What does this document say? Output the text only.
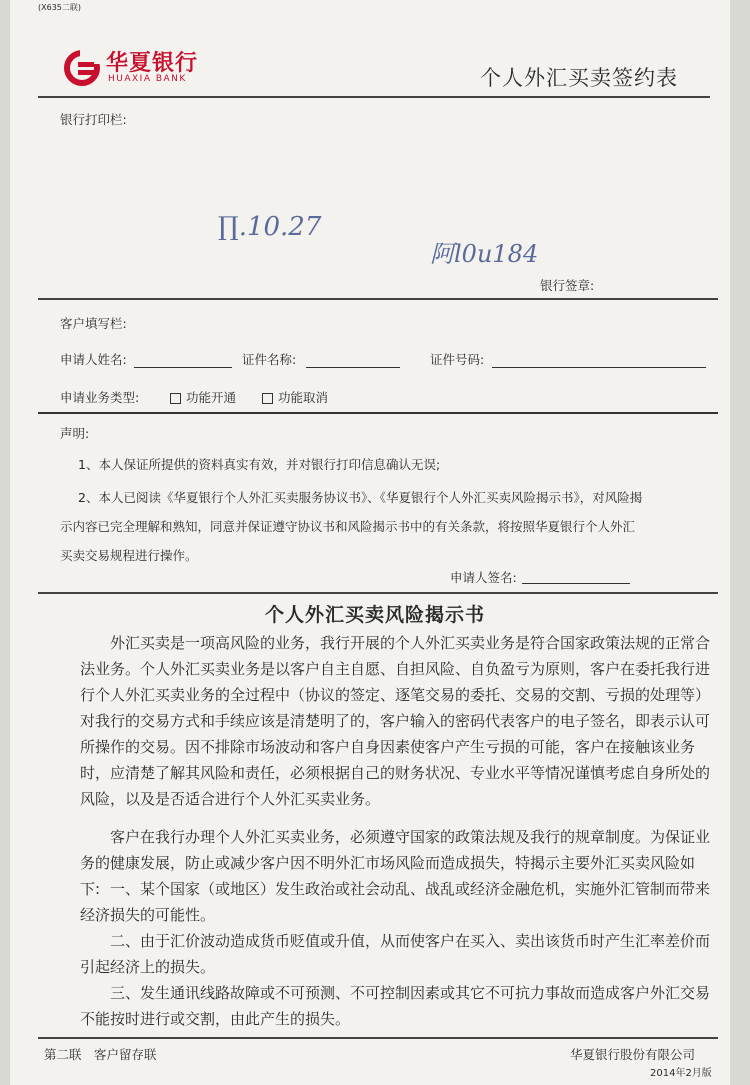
(X635二联)
华夏银行
HUAXIA BANK	个人外汇买卖签约表
银行打印栏:
∏.10.27
阿l0u184
银行签章:
客户填写栏:
申请人姓名:	证件名称:	证件号码:
申请业务类型:	功能开通	功能取消
声明:
1、本人保证所提供的资料真实有效，并对银行打印信息确认无误;
2、本人已阅读《华夏银行个人外汇买卖服务协议书》、《华夏银行个人外汇买卖风险揭示书》，对风险揭
示内容已完全理解和熟知，同意并保证遵守协议书和风险揭示书中的有关条款，将按照华夏银行个人外汇
买卖交易规程进行操作。
申请人签名:
个人外汇买卖风险揭示书
外汇买卖是一项高风险的业务，我行开展的个人外汇买卖业务是符合国家政策法规的正常合法业务。个人外汇买卖业务是以客户自主自愿、自担风险、自负盈亏为原则，客户在委托我行进行个人外汇买卖业务的全过程中（协议的签定、逐笔交易的委托、交易的交割、亏损的处理等）对我行的交易方式和手续应该是清楚明了的，客户输入的密码代表客户的电子签名，即表示认可所操作的交易。因不排除市场波动和客户自身因素使客户产生亏损的可能，客户在接触该业务时，应清楚了解其风险和责任，必须根据自己的财务状况、专业水平等情况谨慎考虑自身所处的风险，以及是否适合进行个人外汇买卖业务。
客户在我行办理个人外汇买卖业务，必须遵守国家的政策法规及我行的规章制度。为保证业务的健康发展，防止或减少客户因不明外汇市场风险而造成损失，特揭示主要外汇买卖风险如下: 一、某个国家（或地区）发生政治或社会动乱、战乱或经济金融危机，实施外汇管制而带来经济损失的可能性。
二、由于汇价波动造成货币贬值或升值，从而使客户在买入、卖出该货币时产生汇率差价而引起经济上的损失。
三、发生通讯线路故障或不可预测、不可控制因素或其它不可抗力事故而造成客户外汇交易不能按时进行或交割，由此产生的损失。
第二联　客户留存联	华夏银行股份有限公司
2014年2月版
